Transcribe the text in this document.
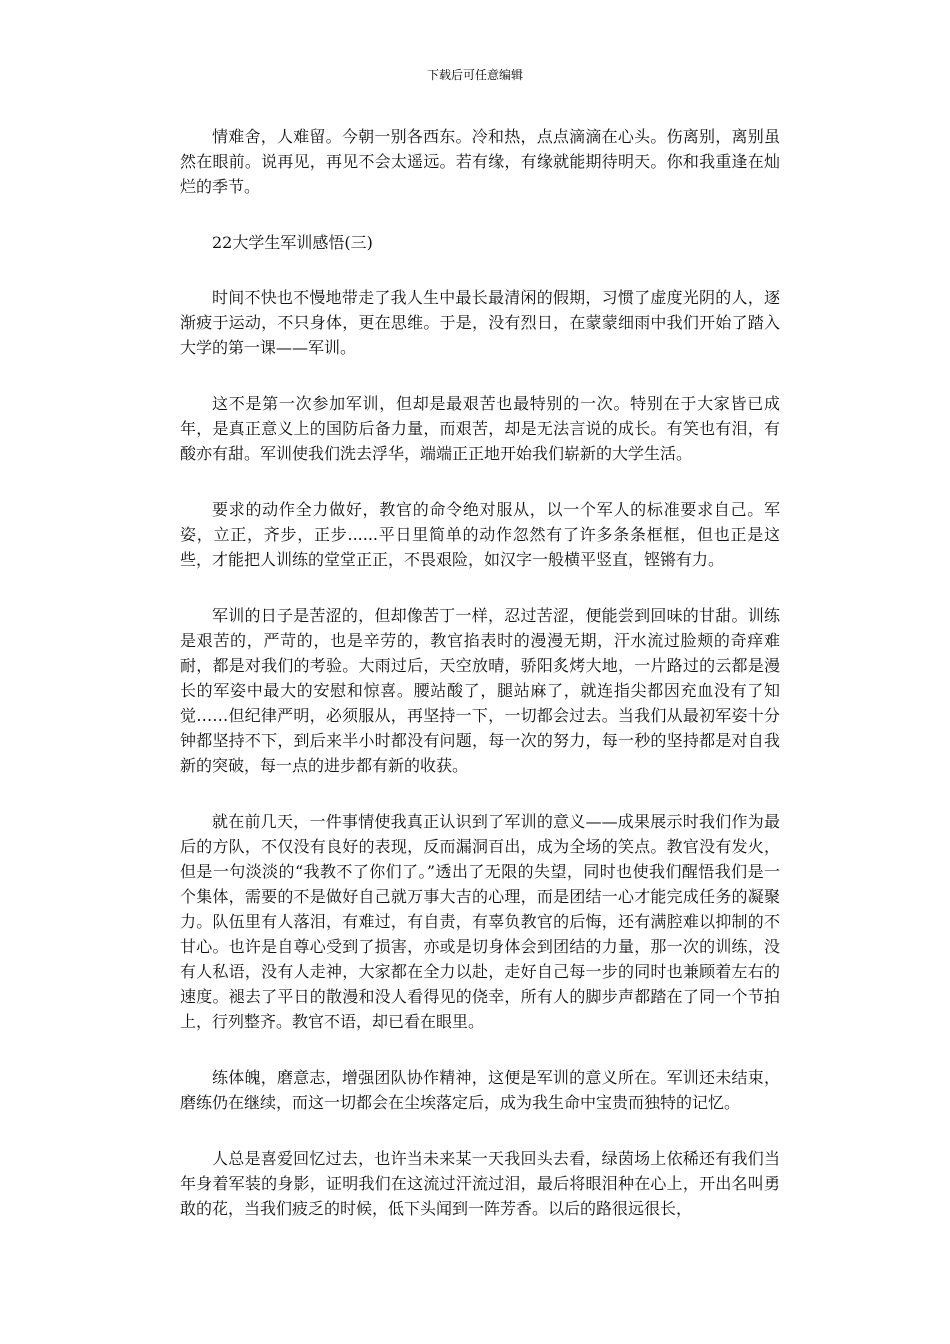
下载后可任意编辑

情难舍，人难留。今朝一别各西东。冷和热，点点滴滴在心头。伤离别，离别虽然在眼前。说再见，再见不会太遥远。若有缘，有缘就能期待明天。你和我重逢在灿烂的季节。

22大学生军训感悟(三)

时间不快也不慢地带走了我人生中最长最清闲的假期，习惯了虚度光阴的人，逐渐疲于运动，不只身体，更在思维。于是，没有烈日，在蒙蒙细雨中我们开始了踏入大学的第一课——军训。

这不是第一次参加军训，但却是最艰苦也最特别的一次。特别在于大家皆已成年，是真正意义上的国防后备力量，而艰苦，却是无法言说的成长。有笑也有泪，有酸亦有甜。军训使我们洗去浮华，端端正正地开始我们崭新的大学生活。

要求的动作全力做好，教官的命令绝对服从，以一个军人的标准要求自己。军姿，立正，齐步，正步......平日里简单的动作忽然有了许多条条框框，但也正是这些，才能把人训练的堂堂正正，不畏艰险，如汉字一般横平竖直，铿锵有力。

军训的日子是苦涩的，但却像苦丁一样，忍过苦涩，便能尝到回味的甘甜。训练是艰苦的，严苛的，也是辛劳的，教官掐表时的漫漫无期，汗水流过脸颊的奇痒难耐，都是对我们的考验。大雨过后，天空放晴，骄阳炙烤大地，一片路过的云都是漫长的军姿中最大的安慰和惊喜。腰站酸了，腿站麻了，就连指尖都因充血没有了知觉……但纪律严明，必须服从，再坚持一下，一切都会过去。当我们从最初军姿十分钟都坚持不下，到后来半小时都没有问题，每一次的努力，每一秒的坚持都是对自我新的突破，每一点的进步都有新的收获。

就在前几天，一件事情使我真正认识到了军训的意义——成果展示时我们作为最后的方队，不仅没有良好的表现，反而漏洞百出，成为全场的笑点。教官没有发火，但是一句淡淡的“我教不了你们了。”透出了无限的失望，同时也使我们醒悟我们是一个集体，需要的不是做好自己就万事大吉的心理，而是团结一心才能完成任务的凝聚力。队伍里有人落泪，有难过，有自责，有辜负教官的后悔，还有满腔难以抑制的不甘心。也许是自尊心受到了损害，亦或是切身体会到团结的力量，那一次的训练，没有人私语，没有人走神，大家都在全力以赴，走好自己每一步的同时也兼顾着左右的速度。褪去了平日的散漫和没人看得见的侥幸，所有人的脚步声都踏在了同一个节拍上，行列整齐。教官不语，却已看在眼里。

练体魄，磨意志，增强团队协作精神，这便是军训的意义所在。军训还未结束，磨练仍在继续，而这一切都会在尘埃落定后，成为我生命中宝贵而独特的记忆。

人总是喜爱回忆过去，也许当未来某一天我回头去看，绿茵场上依稀还有我们当年身着军装的身影，证明我们在这流过汗流过泪，最后将眼泪种在心上，开出名叫勇敢的花，当我们疲乏的时候，低下头闻到一阵芳香。以后的路很远很长，
